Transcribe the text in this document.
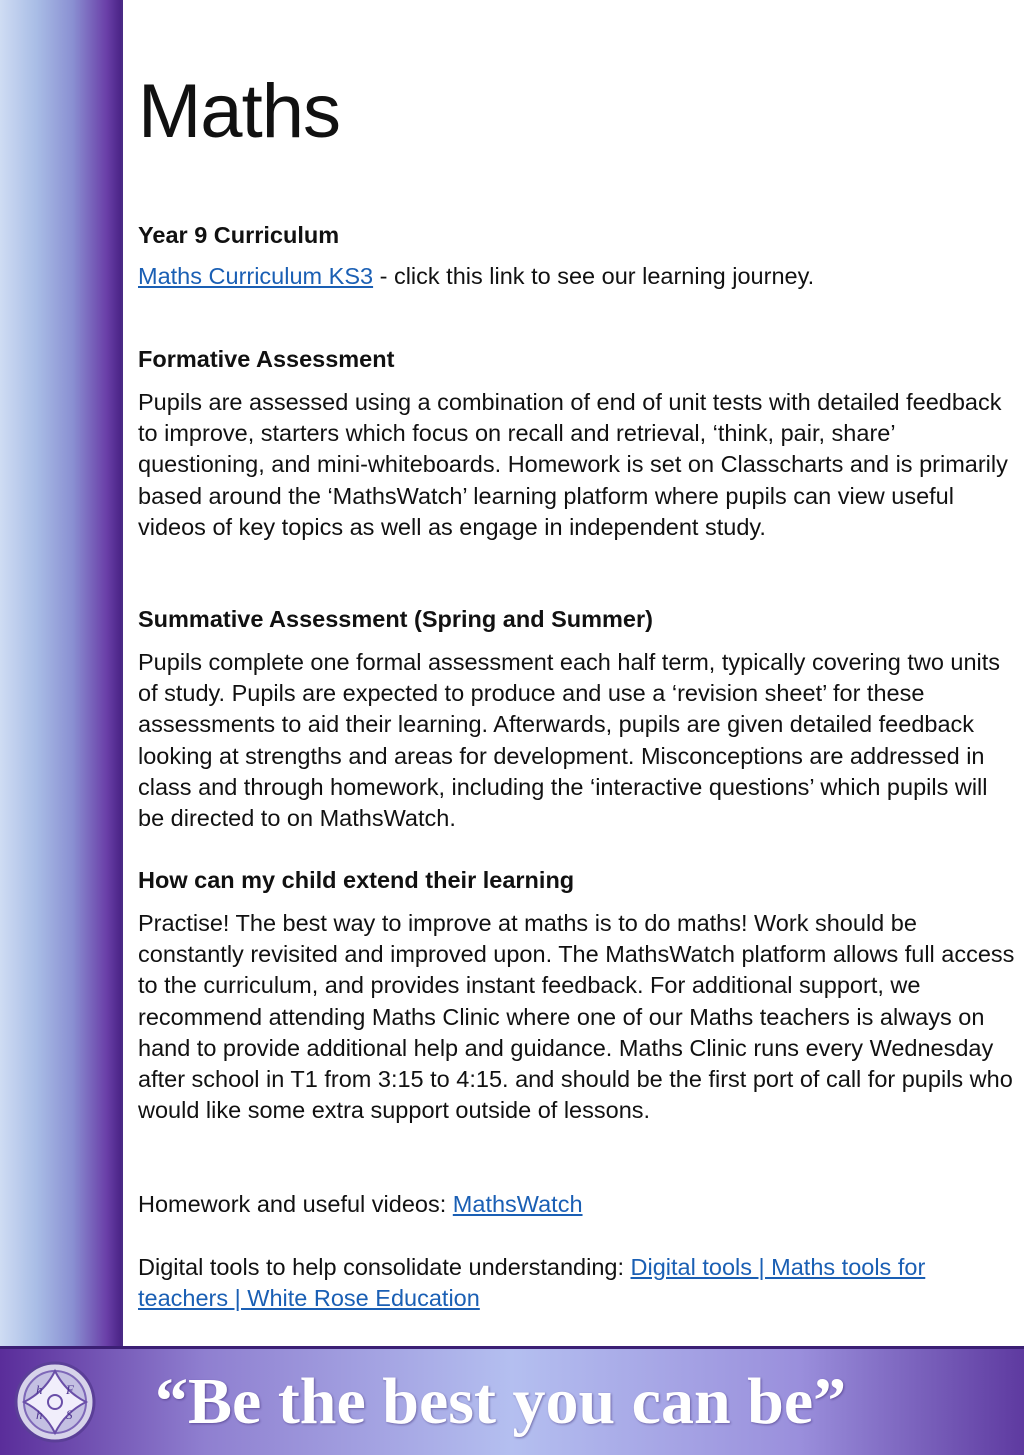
Maths
Year 9 Curriculum

Maths Curriculum KS3 - click this link to see our learning journey.

Formative Assessment

Pupils are assessed using a combination of end of unit tests with detailed feedback to improve, starters which focus on recall and retrieval, ‘think, pair, share’ questioning, and mini-whiteboards. Homework is set on Classcharts and is primarily based around the ‘MathsWatch’ learning platform where pupils can view useful videos of key topics as well as engage in independent study.

Summative Assessment (Spring and Summer)

Pupils complete one formal assessment each half term, typically covering two units of study. Pupils are expected to produce and use a ‘revision sheet’ for these assessments to aid their learning. Afterwards, pupils are given detailed feedback looking at strengths and areas for development. Misconceptions are addressed in class and through homework, including the ‘interactive questions’ which pupils will be directed to on MathsWatch.

How can my child extend their learning

Practise! The best way to improve at maths is to do maths! Work should be constantly revisited and improved upon. The MathsWatch platform allows full access to the curriculum, and provides instant feedback. For additional support, we recommend attending Maths Clinic where one of our Maths teachers is always on hand to provide additional help and guidance. Maths Clinic runs every Wednesday after school in T1 from 3:15 to 4:15. and should be the first port of call for pupils who would like some extra support outside of lessons.

Homework and useful videos: MathsWatch

Digital tools to help consolidate understanding: Digital tools | Maths tools for teachers | White Rose Education

h F
h S “Be the best you can be”
